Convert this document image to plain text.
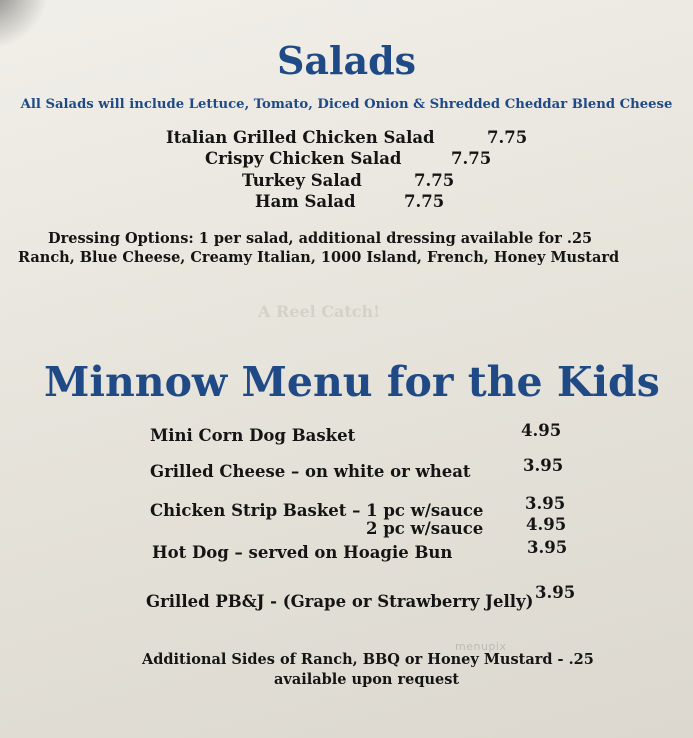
A Reel Catch!
Salads
All Salads will include Lettuce, Tomato, Diced Onion & Shredded Cheddar Blend Cheese
Italian Grilled Chicken Salad	7.75
Crispy Chicken Salad	7.75
Turkey Salad	7.75
Ham Salad	7.75
Dressing Options: 1 per salad, additional dressing available for .25
Ranch, Blue Cheese, Creamy Italian, 1000 Island, French, Honey Mustard
Minnow Menu for the Kids
Mini Corn Dog Basket	4.95
Grilled Cheese – on white or wheat	3.95
Chicken Strip Basket – 1 pc w/sauce	3.95
2 pc w/sauce	4.95
Hot Dog – served on Hoagie Bun	3.95
Grilled PB&J - (Grape or Strawberry Jelly) 3.95
Additional Sides of Ranch, BBQ or Honey Mustard - .25
available upon request
menupix
